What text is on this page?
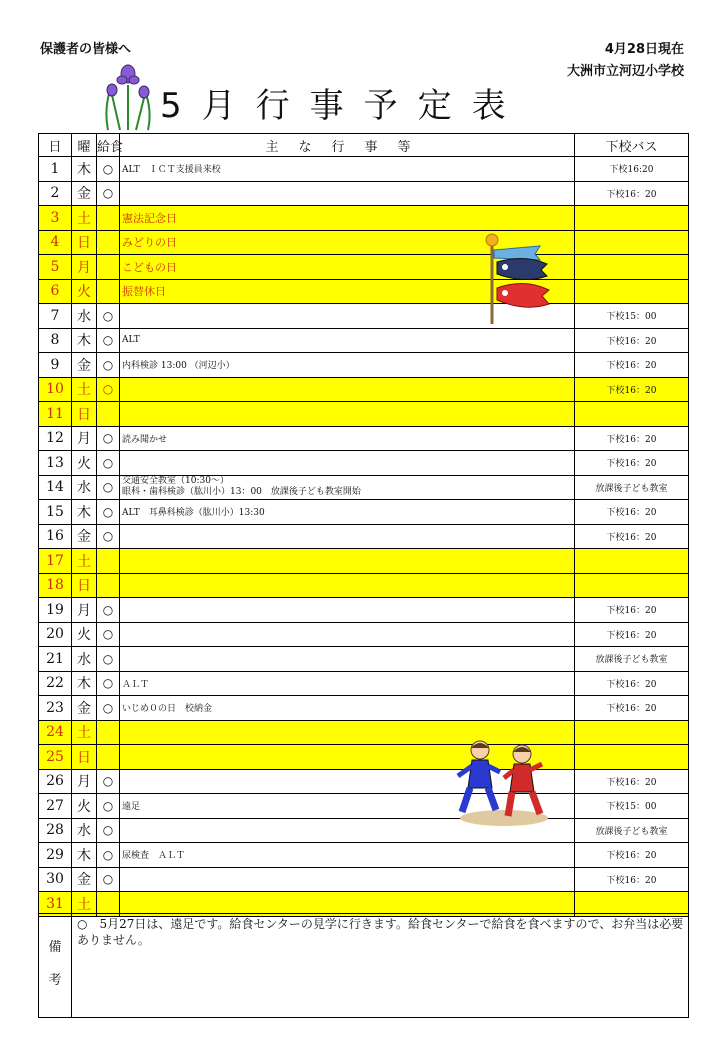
保護者の皆様へ	4月28日現在
大洲市立河辺小学校
5月行事予定表
日	曜	給食	主な行事等	下校バス
1	木	○	ALT　ＩＣＴ支援員来校	下校16:20
2	金	○		下校16：20
3	土		憲法記念日	
4	日		みどりの日	
5	月		こどもの日	
6	火		振替休日	
7	水	○		下校15：00
8	木	○	ALT	下校16：20
9	金	○	内科検診 13:00 （河辺小）	下校16：20
10	土	○		下校16：20
11	日			
12	月	○	読み聞かせ	下校16：20
13	火	○		下校16：20
14	水	○	交通安全教室（10:30〜）
眼科・歯科検診（肱川小）13：00　放課後子ども教室開始	放課後子ども教室
15	木	○	ALT　耳鼻科検診（肱川小）13:30	下校16：20
16	金	○		下校16：20
17	土			
18	日			
19	月	○		下校16：20
20	火	○		下校16：20
21	水	○		放課後子ども教室
22	木	○	ＡＬＴ	下校16：20
23	金	○	いじめ０の日　校納金	下校16：20
24	土			
25	日			
26	月	○		下校16：20
27	火	○	遠足	下校15：00
28	水	○		放課後子ども教室
29	木	○	尿検査　ＡＬＴ	下校16：20
30	金	○		下校16：20
31	土			
備
考
○　5月27日は、遠足です。給食センターの見学に行きます。給食センターで給食を食べますので、お弁当は必要ありません。
